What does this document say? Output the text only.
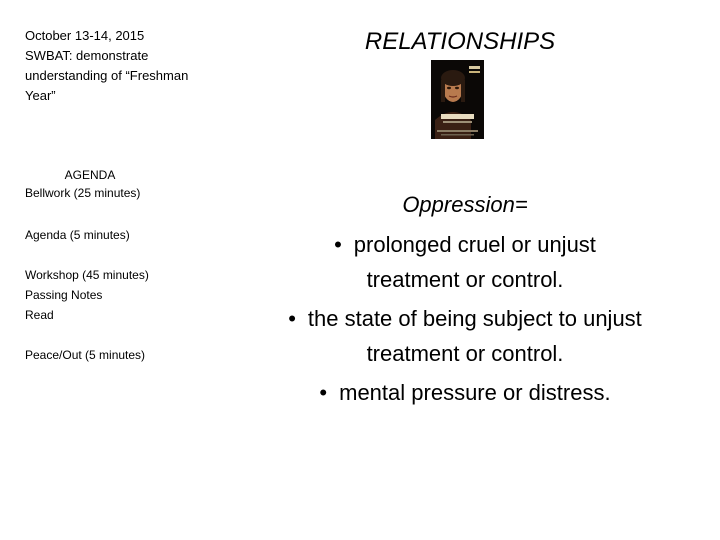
October 13-14, 2015
SWBAT: demonstrate
understanding of “Freshman
Year”
AGENDA
Bellwork (25 minutes)
Agenda (5 minutes)
Workshop (45 minutes)
Passing Notes
Read
Peace/Out (5 minutes)
RELATIONSHIPS
Oppression=
• prolonged cruel or unjust
treatment or control.
• the state of being subject to unjust
treatment or control.
• mental pressure or distress.
